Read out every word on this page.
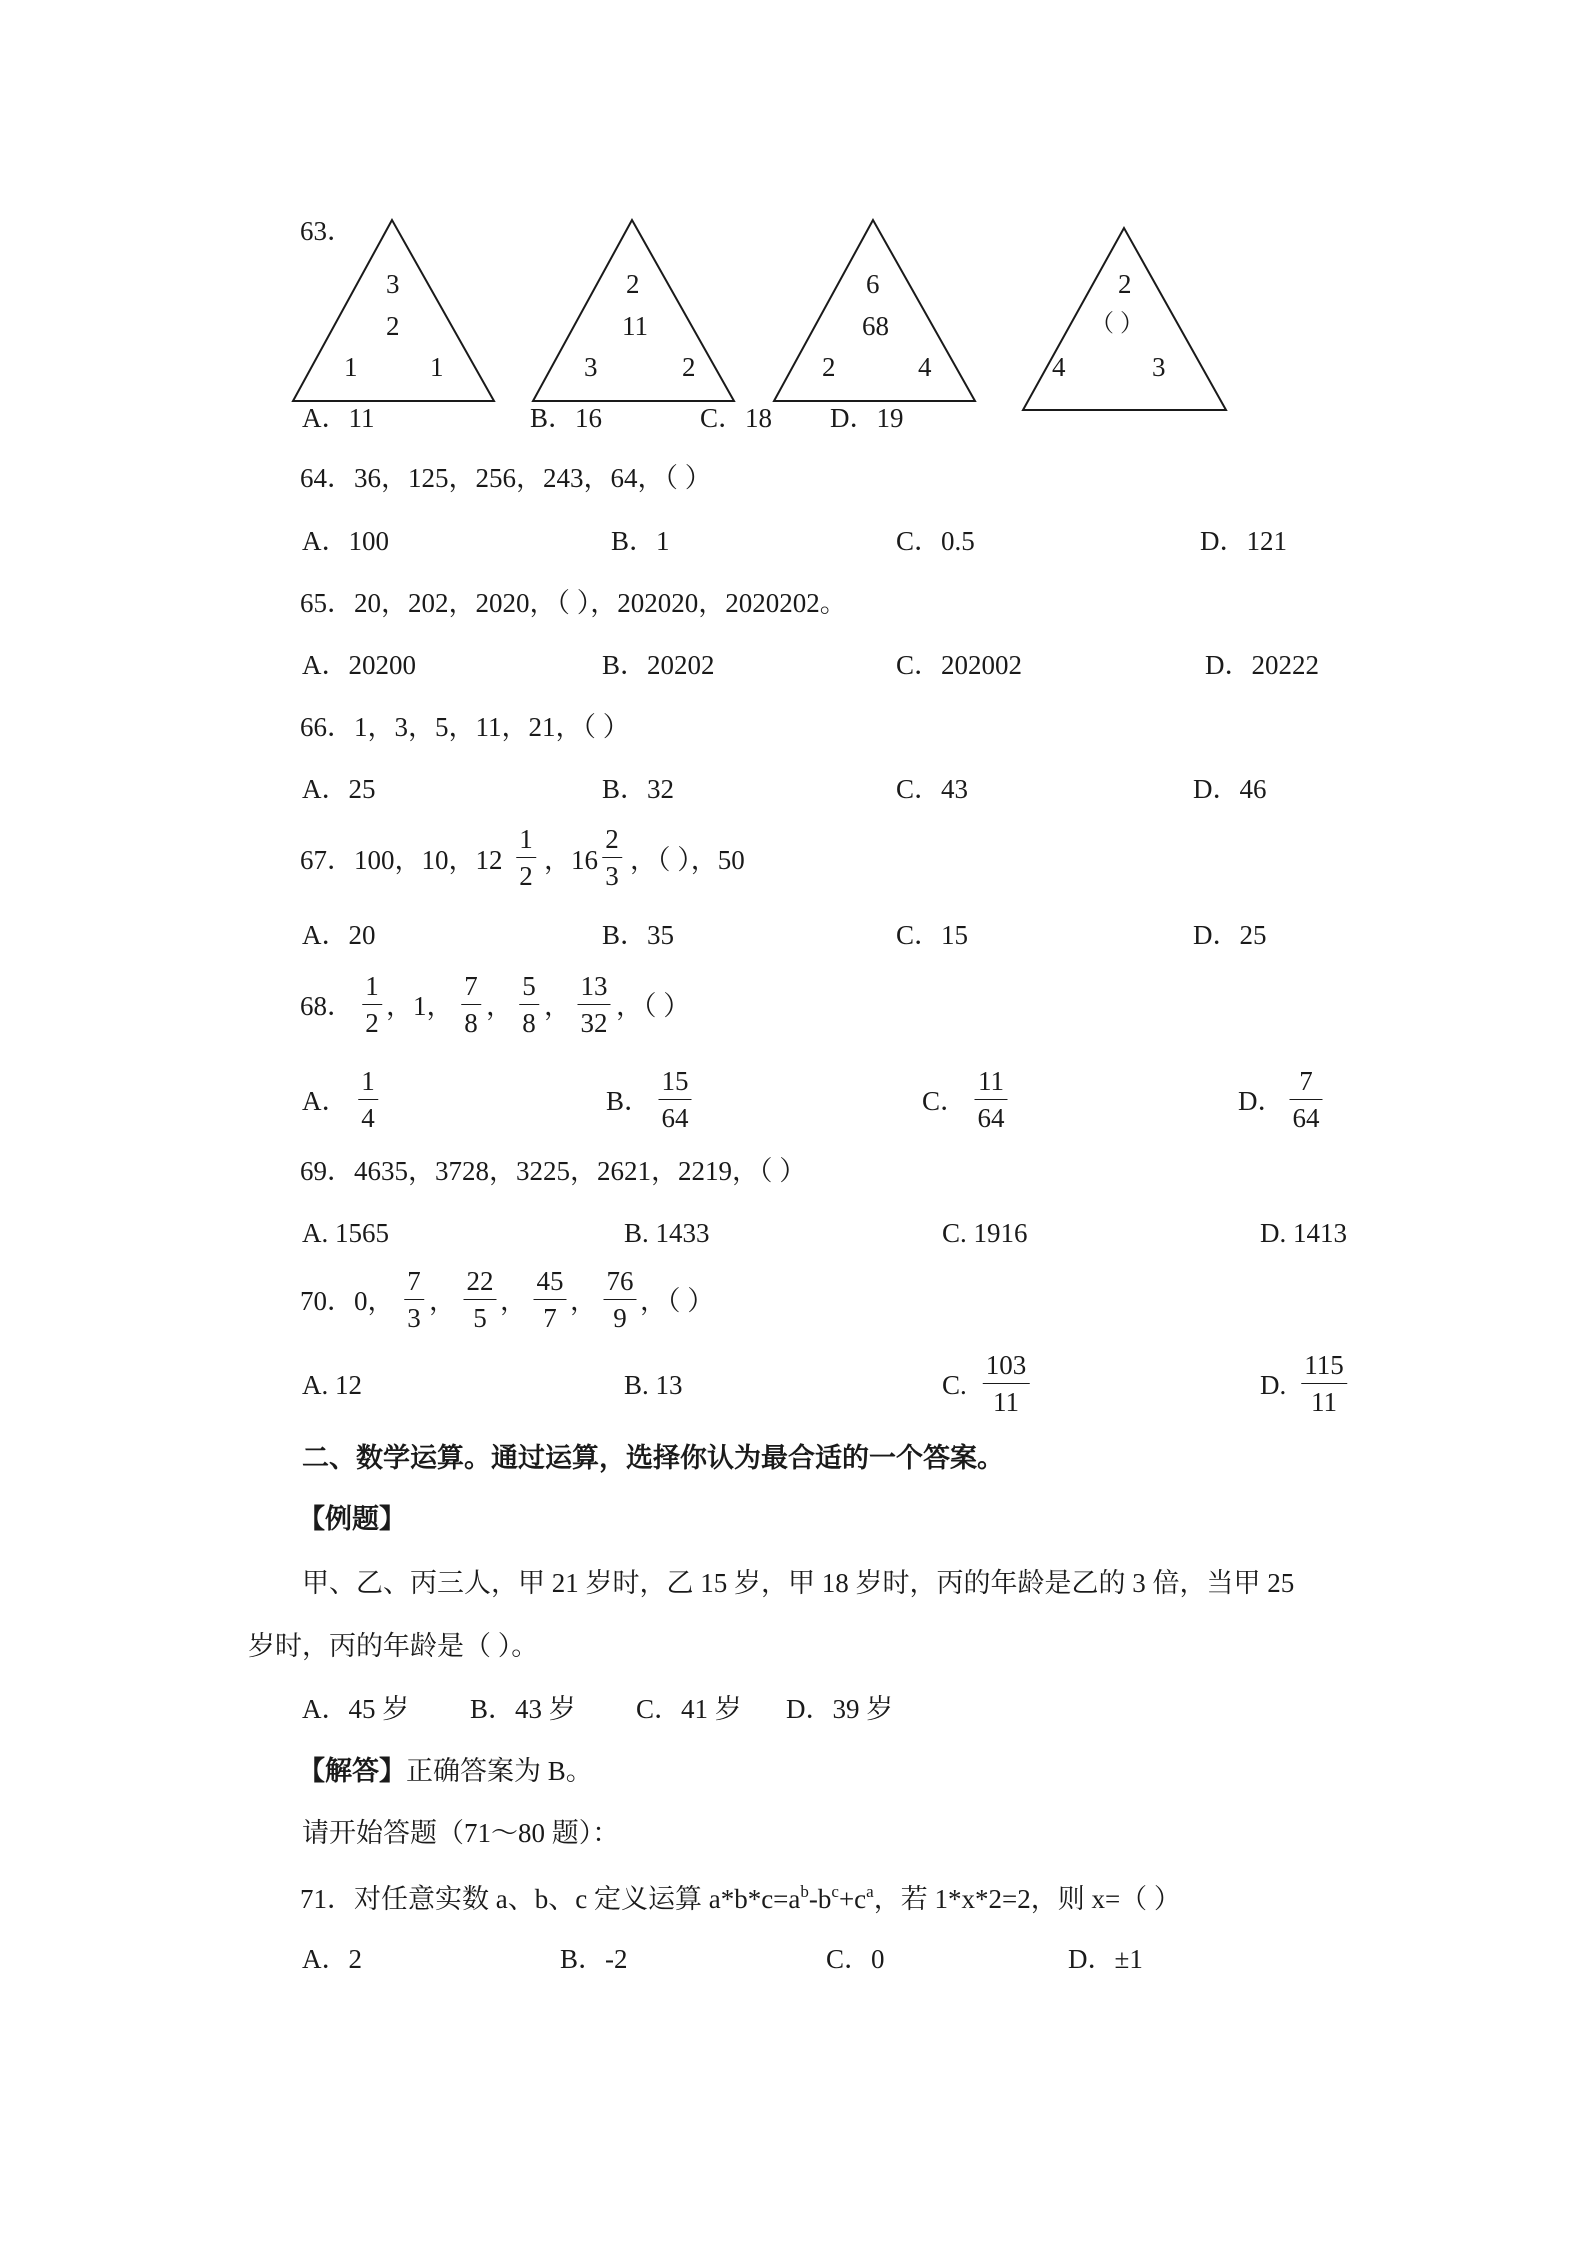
63．
3
2
1	1
2
11
3	2
6
68
2	4
2
（ ）
4	3
A．11	B．16	C．18 D．19
64．36，125，256，243，64，（ ）
A．100	B．1	C．0.5	D．121
65．20，202，2020，（ ），202020，2020202。
A．20200	B．20202	C．202002	D．20222
66．1，3，5，11，21，（ ）
A．25	B．32	C．43	D．46
67．100，10，12
1
2
，16
2
3
，（ ），50
A．20	B．35	C．15	D．25
68．
1
2
，1，
7
8
，
5
8
，
13
32
，（ ）
A．
1
4
B．
15
64
C．
11
64
D．
7
64
69．4635，3728，3225，2621，2219，（ ）
A. 1565	B. 1433	C. 1916	D. 1413
70．0，
7
3
，
22
5
，
45
7
，
76
9
，（ ）
A. 12	B. 13	C.
103
11
D.
115
11
二、数学运算。通过运算，选择你认为最合适的一个答案。
【例题】
甲、乙、丙三人，甲 21 岁时，乙 15 岁，甲 18 岁时，丙的年龄是乙的 3 倍，当甲 25
岁时，丙的年龄是（ ）。
A．45 岁 B．43 岁 C．41 岁 D．39 岁
【解答】正确答案为 B。
请开始答题（71～80 题）：
71．对任意实数 a、b、c 定义运算 $a*b*c=a^b-b^c+c^a$，若 1*x*2=2，则 x=（ ）
A．2	B．-2	C．0	D．±1
